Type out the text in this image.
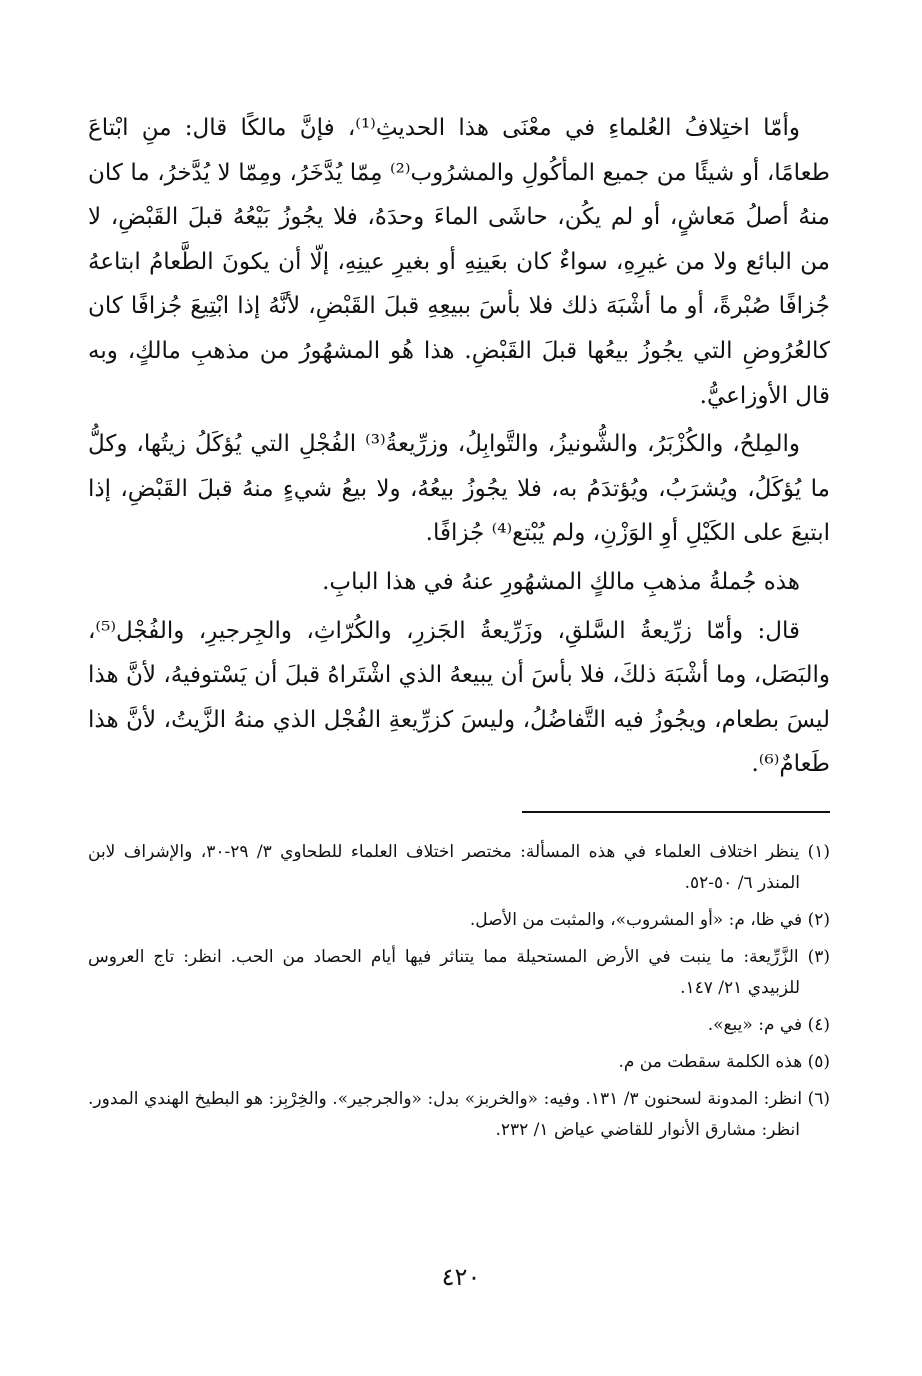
وأمّا اختِلافُ العُلماءِ في معْنَى هذا الحديثِ⁽¹⁾، فإنَّ مالكًا قال: منِ ابْتاعَ طعامًا، أو شيئًا من جميع المأكُولِ والمشرُوب⁽²⁾ مِمّا يُدَّخَرُ، ومِمّا لا يُدَّخرُ، ما كان منهُ أصلُ مَعاشٍ، أو لم يكُن، حاشَى الماءَ وحدَهُ، فلا يجُوزُ بَيْعُهُ قبلَ القَبْضِ، لا من البائع ولا من غيرِهِ، سواءٌ كان بعَينِهِ أو بغيرِ عينِهِ، إلّا أن يكونَ الطَّعامُ ابتاعهُ جُزافًا صُبْرةً، أو ما أشْبَهَ ذلك فلا بأسَ ببيعِهِ قبلَ القَبْضِ، لأنَّهُ إذا ابْتِيعَ جُزافًا كان كالعُرُوضِ التي يجُوزُ بيعُها قبلَ القَبْضِ. هذا هُو المشهُورُ من مذهبِ مالكٍ، وبه قال الأوزاعيُّ.

والمِلحُ، والكُزْبَرُ، والشُّونيزُ، والتَّوابِلُ، وزرِّيعةُ⁽³⁾ الفُجْلِ التي يُؤكَلُ زيتُها، وكلُّ ما يُؤكَلُ، ويُشرَبُ، ويُؤتدَمُ به، فلا يجُوزُ بيعُهُ، ولا بيعُ شيءٍ منهُ قبلَ القَبْضِ، إذا ابتيعَ على الكَيْلِ أوِ الوَزْنِ، ولم يُبْتع⁽⁴⁾ جُزافًا.

هذه جُملةُ مذهبِ مالكٍ المشهُورِ عنهُ في هذا البابِ.

قال: وأمّا زرِّيعةُ السَّلقِ، وزَرِّيعةُ الجَزرِ، والكُرّاثِ، والجِرجيرِ، والفُجْل⁽⁵⁾، والبَصَل، وما أشْبَهَ ذلكَ، فلا بأسَ أن يبيعهُ الذي اشْتَراهُ قبلَ أن يَسْتوفيهُ، لأنَّ هذا ليسَ بطعام، ويجُوزُ فيه التَّفاضُلُ، وليسَ كزرِّيعةِ الفُجْل الذي منهُ الزَّيتُ، لأنَّ هذا طَعامٌ⁽⁶⁾.

(١) ينظر اختلاف العلماء في هذه المسألة: مختصر اختلاف العلماء للطحاوي ٣/ ٢٩-٣٠، والإشراف لابن المنذر ٦/ ٥٠-٥٢.

(٢) في ظا، م: «أو المشروب»، والمثبت من الأصل.

(٣) الزَّرِّيعة: ما ينبت في الأرض المستحيلة مما يتناثر فيها أيام الحصاد من الحب. انظر: تاج العروس للزبيدي ٢١/ ١٤٧.

(٤) في م: «يبع».

(٥) هذه الكلمة سقطت من م.

(٦) انظر: المدونة لسحنون ٣/ ١٣١. وفيه: «والخربز» بدل: «والجرجير». والخِرْبِز: هو البطيخ الهندي المدور. انظر: مشارق الأنوار للقاضي عياض ١/ ٢٣٢.

٤٢٠
